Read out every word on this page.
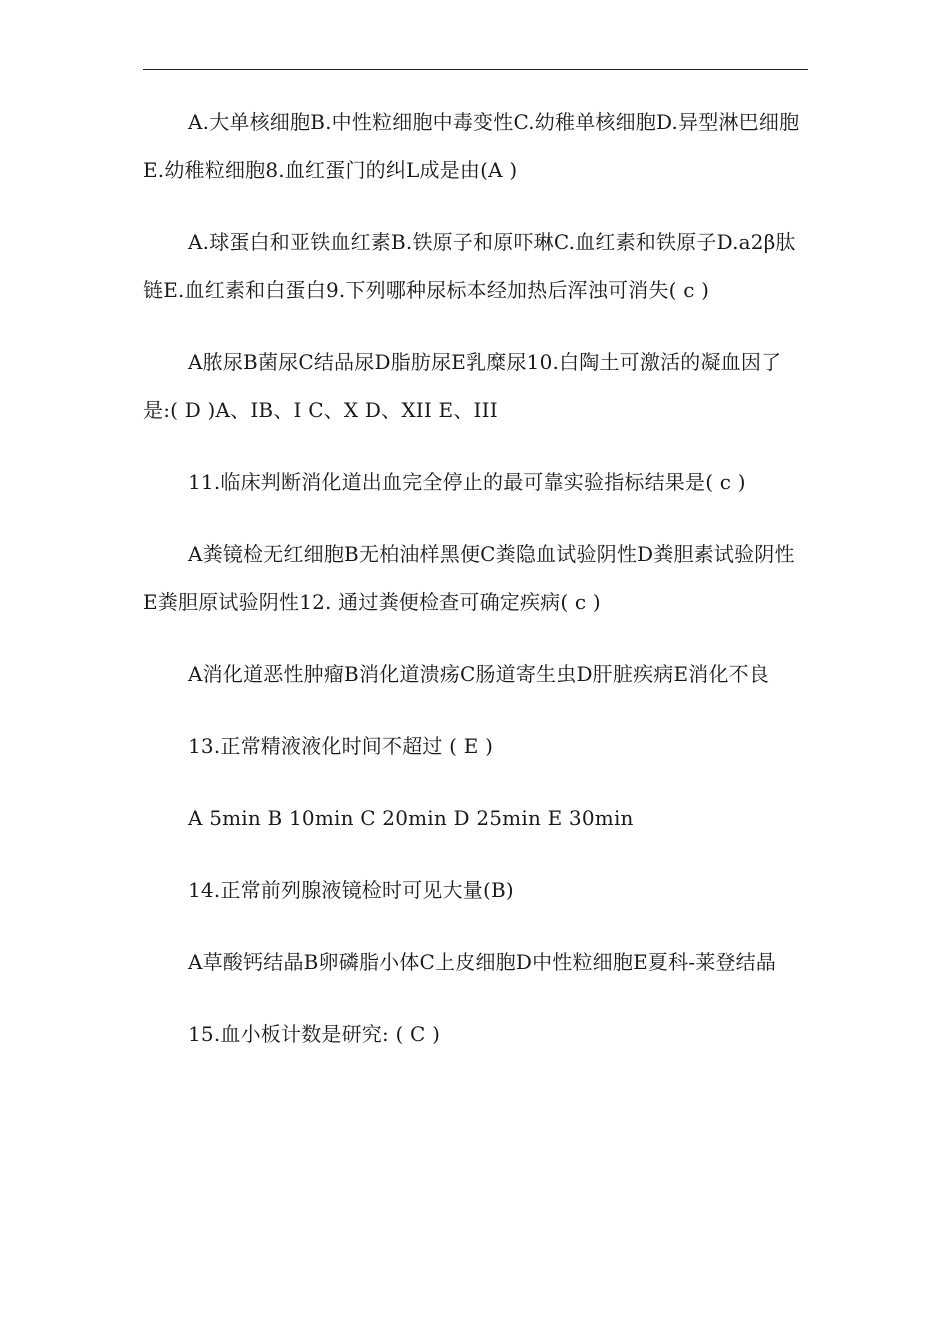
A.大单核细胞B.中性粒细胞中毒变性C.幼稚单核细胞D.异型淋巴细胞E.幼稚粒细胞8.血红蛋门的纠L成是由(A )

A.球蛋白和亚铁血红素B.铁原子和原吓琳C.血红素和铁原子D.a2β肽链E.血红素和白蛋白9.下列哪种尿标本经加热后浑浊可消失( c )

A脓尿B菌尿C结品尿D脂肪尿E乳糜尿10.白陶土可激活的凝血因了是:( D )A、IB、I C、X D、XII E、III

11.临床判断消化道出血完全停止的最可靠实验指标结果是( c )

A粪镜检无红细胞B无柏油样黑便C粪隐血试验阴性D粪胆素试验阴性E粪胆原试验阴性12. 通过粪便检查可确定疾病( c )

A消化道恶性肿瘤B消化道溃疡C肠道寄生虫D肝脏疾病E消化不良

13.正常精液液化时间不超过 ( E )

A 5min B 10min C 20min D 25min E 30min

14.正常前列腺液镜检时可见大量(B)

A草酸钙结晶B卵磷脂小体C上皮细胞D中性粒细胞E夏科-莱登结晶

15.血小板计数是研究: ( C )
